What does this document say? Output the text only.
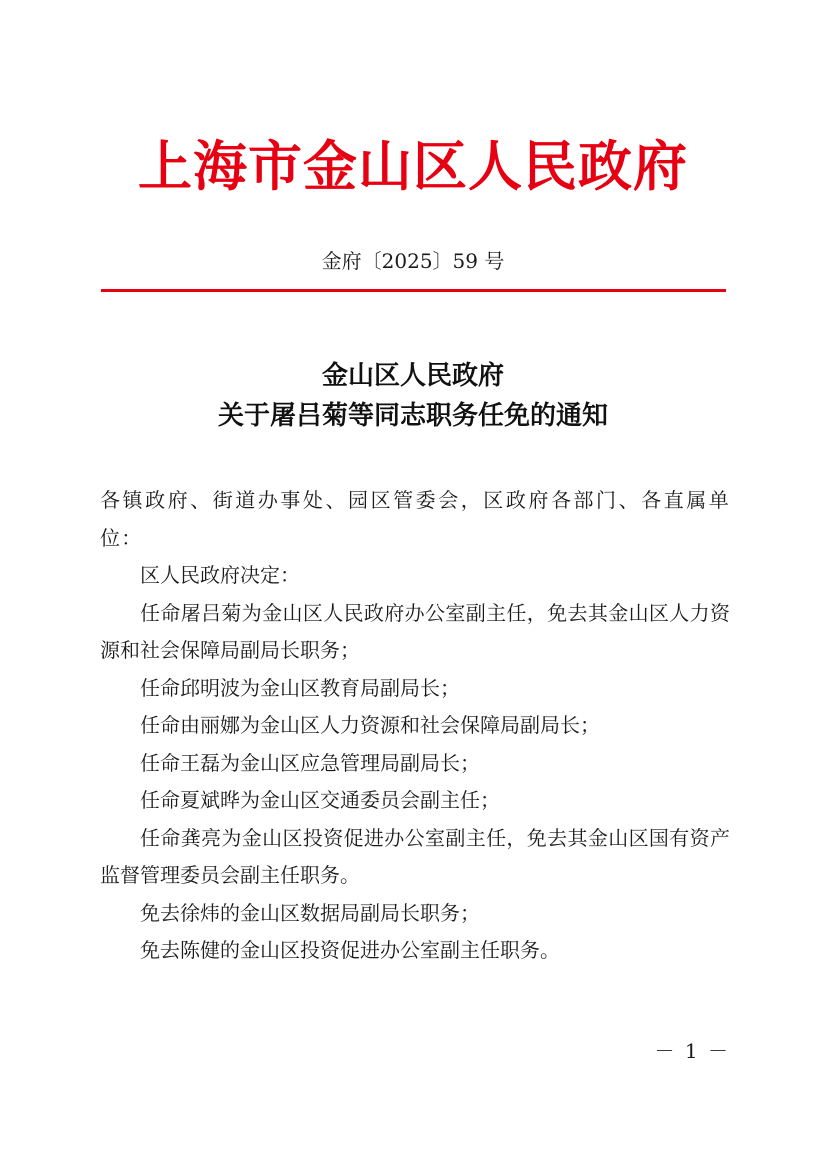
上海市金山区人民政府
金府〔2025〕59 号
金山区人民政府
关于屠吕菊等同志职务任免的通知

各镇政府、街道办事处、园区管委会，区政府各部门、各直属单位：

区人民政府决定：

任命屠吕菊为金山区人民政府办公室副主任，免去其金山区人力资源和社会保障局副局长职务；

任命邱明波为金山区教育局副局长；

任命由丽娜为金山区人力资源和社会保障局副局长；

任命王磊为金山区应急管理局副局长；

任命夏斌晔为金山区交通委员会副主任；

任命龚亮为金山区投资促进办公室副主任，免去其金山区国有资产监督管理委员会副主任职务。

免去徐炜的金山区数据局副局长职务；

免去陈健的金山区投资促进办公室副主任职务。

－ 1 －
